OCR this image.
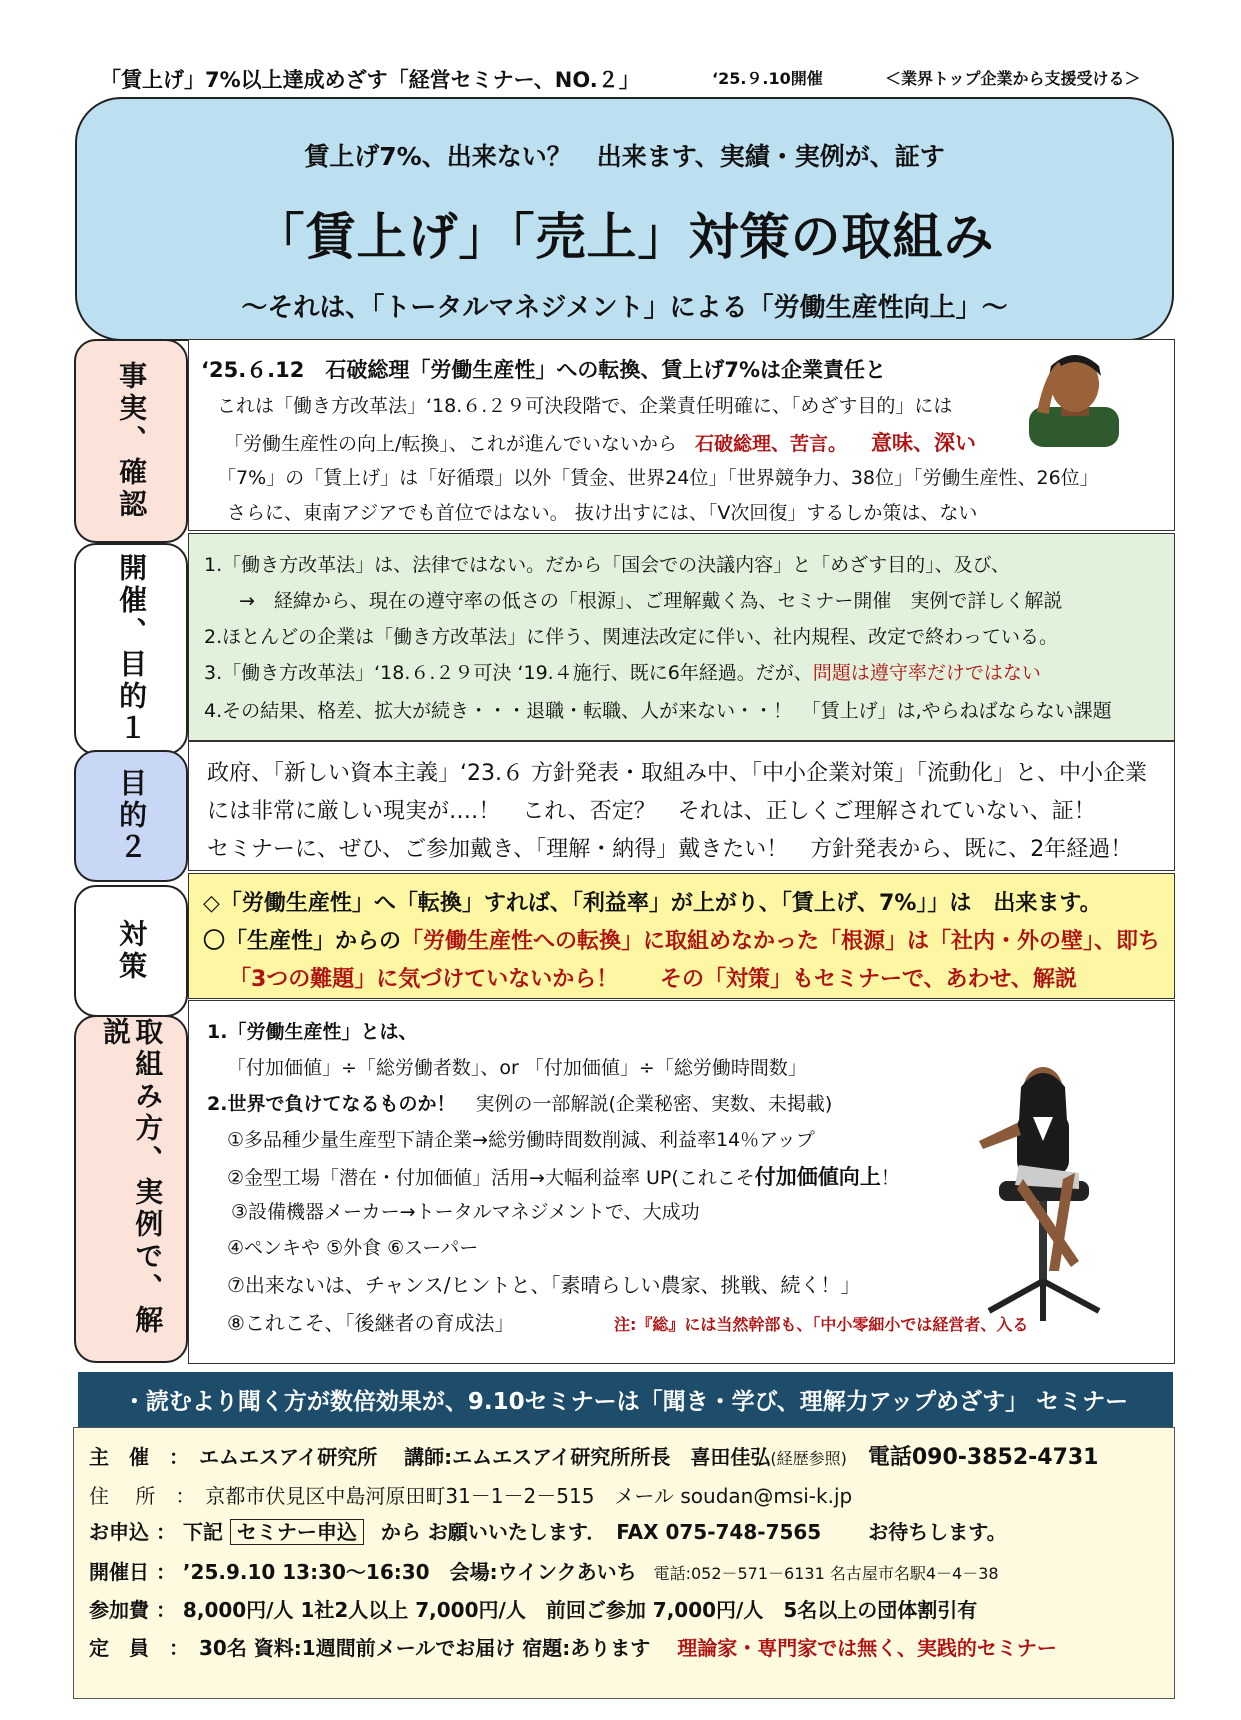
「賃上げ」7%以上達成めざす「経営セミナー、NO.２」	‘25.９.10開催	＜業界トップ企業から支援受ける＞
賃上げ7%、出来ない？　出来ます、実績・実例が、証す
「賃上げ」「売上」対策の取組み
～それは、「トータルマネジメント」による「労働生産性向上」～
事実、確認	‘25.６.12　石破総理「労働生産性」への転換、賃上げ7%は企業責任と
これは「働き方改革法」‘18.６.２９可決段階で、企業責任明確に、「めざす目的」には
「労働生産性の向上/転換」、これが進んでいないから 石破総理、苦言。 意味、深い
「7%」の「賃上げ」は「好循環」以外「賃金、世界24位」「世界競争力、38位」「労働生産性、26位」
さらに、東南アジアでも首位ではない。 抜け出すには、「V次回復」するしか策は、ない
開催、目的１	1.「働き方改革法」は、法律ではない。だから「国会での決議内容」と「めざす目的」、及び、
→　経緯から、現在の遵守率の低さの「根源」、ご理解戴く為、セミナー開催　実例で詳しく解説
2.ほとんどの企業は「働き方改革法」に伴う、関連法改定に伴い、社内規程、改定で終わっている。
3.「働き方改革法」‘18.６.２９可決 ‘19.４施行、既に6年経過。だが、問題は遵守率だけではない
4.その結果、格差、拡大が続き・・・退職・転職、人が来ない・・！　「賃上げ」は,やらねばならない課題
目的２	政府、「新しい資本主義」‘23.６ 方針発表・取組み中、「中小企業対策」「流動化」と、中小企業
には非常に厳しい現実が‥‥！　これ、否定？　それは、正しくご理解されていない、証！
セミナーに、ぜひ、ご参加戴き、「理解・納得」戴きたい！　方針発表から、既に、2年経過！
対策
◇「労働生産性」へ「転換」すれば、「利益率」が上がり、「賃上げ、7%」」は　出来ます。
〇「生産性」からの「労働生産性への転換」に取組めなかった「根源」は「社内・外の壁」、即ち
「3つの難題」に気づけていないから！ その「対策」もセミナーで、あわせ、解説
取組み方、実例で、解説	1.「労働生産性」とは、
「付加価値」÷「総労働者数」、or 「付加価値」÷「総労働時間数」
2.世界で負けてなるものか！ 実例の一部解説(企業秘密、実数、未掲載)
①多品種少量生産型下請企業→総労働時間数削減、利益率14％アップ
②金型工場「潜在・付加価値」活用→大幅利益率 UP(これこそ付加価値向上！
③設備機器メーカー→トータルマネジメントで、大成功
④ペンキや ⑤外食 ⑥スーパー
⑦出来ないは、チャンス/ヒントと、「素晴らしい農家、挑戦、続く！」
⑧これこそ、「後継者の育成法」	注:『総』には当然幹部も、「中小零細小では経営者、入る
・読むより聞く方が数倍効果が、9.10セミナーは「聞き・学び、理解力アップめざす」 セミナー
主　催　：　エムエスアイ研究所　 講師:エムエスアイ研究所所長　喜田佳弘(経歴参照) 電話090-3852-4731
住　 所　：　京都市伏見区中島河原田町31－1－2－515　メール soudan@msi-k.jp
お申込 ： 下記 セミナー申込 から お願いいたします．　FAX 075-748-7565　　 お待ちします。
開催日 ： ’25.9.10 13:30～16:30　会場:ウインクあいち 電話:052－571－6131 名古屋市名駅4－4－38
参加費 ： 8,000円/人 1社2人以上 7,000円/人　前回ご参加 7,000円/人　5名以上の団体割引有
定　員　：　30名 資料:1週間前メールでお届け 宿題:あります 理論家・専門家では無く、実践的セミナー
